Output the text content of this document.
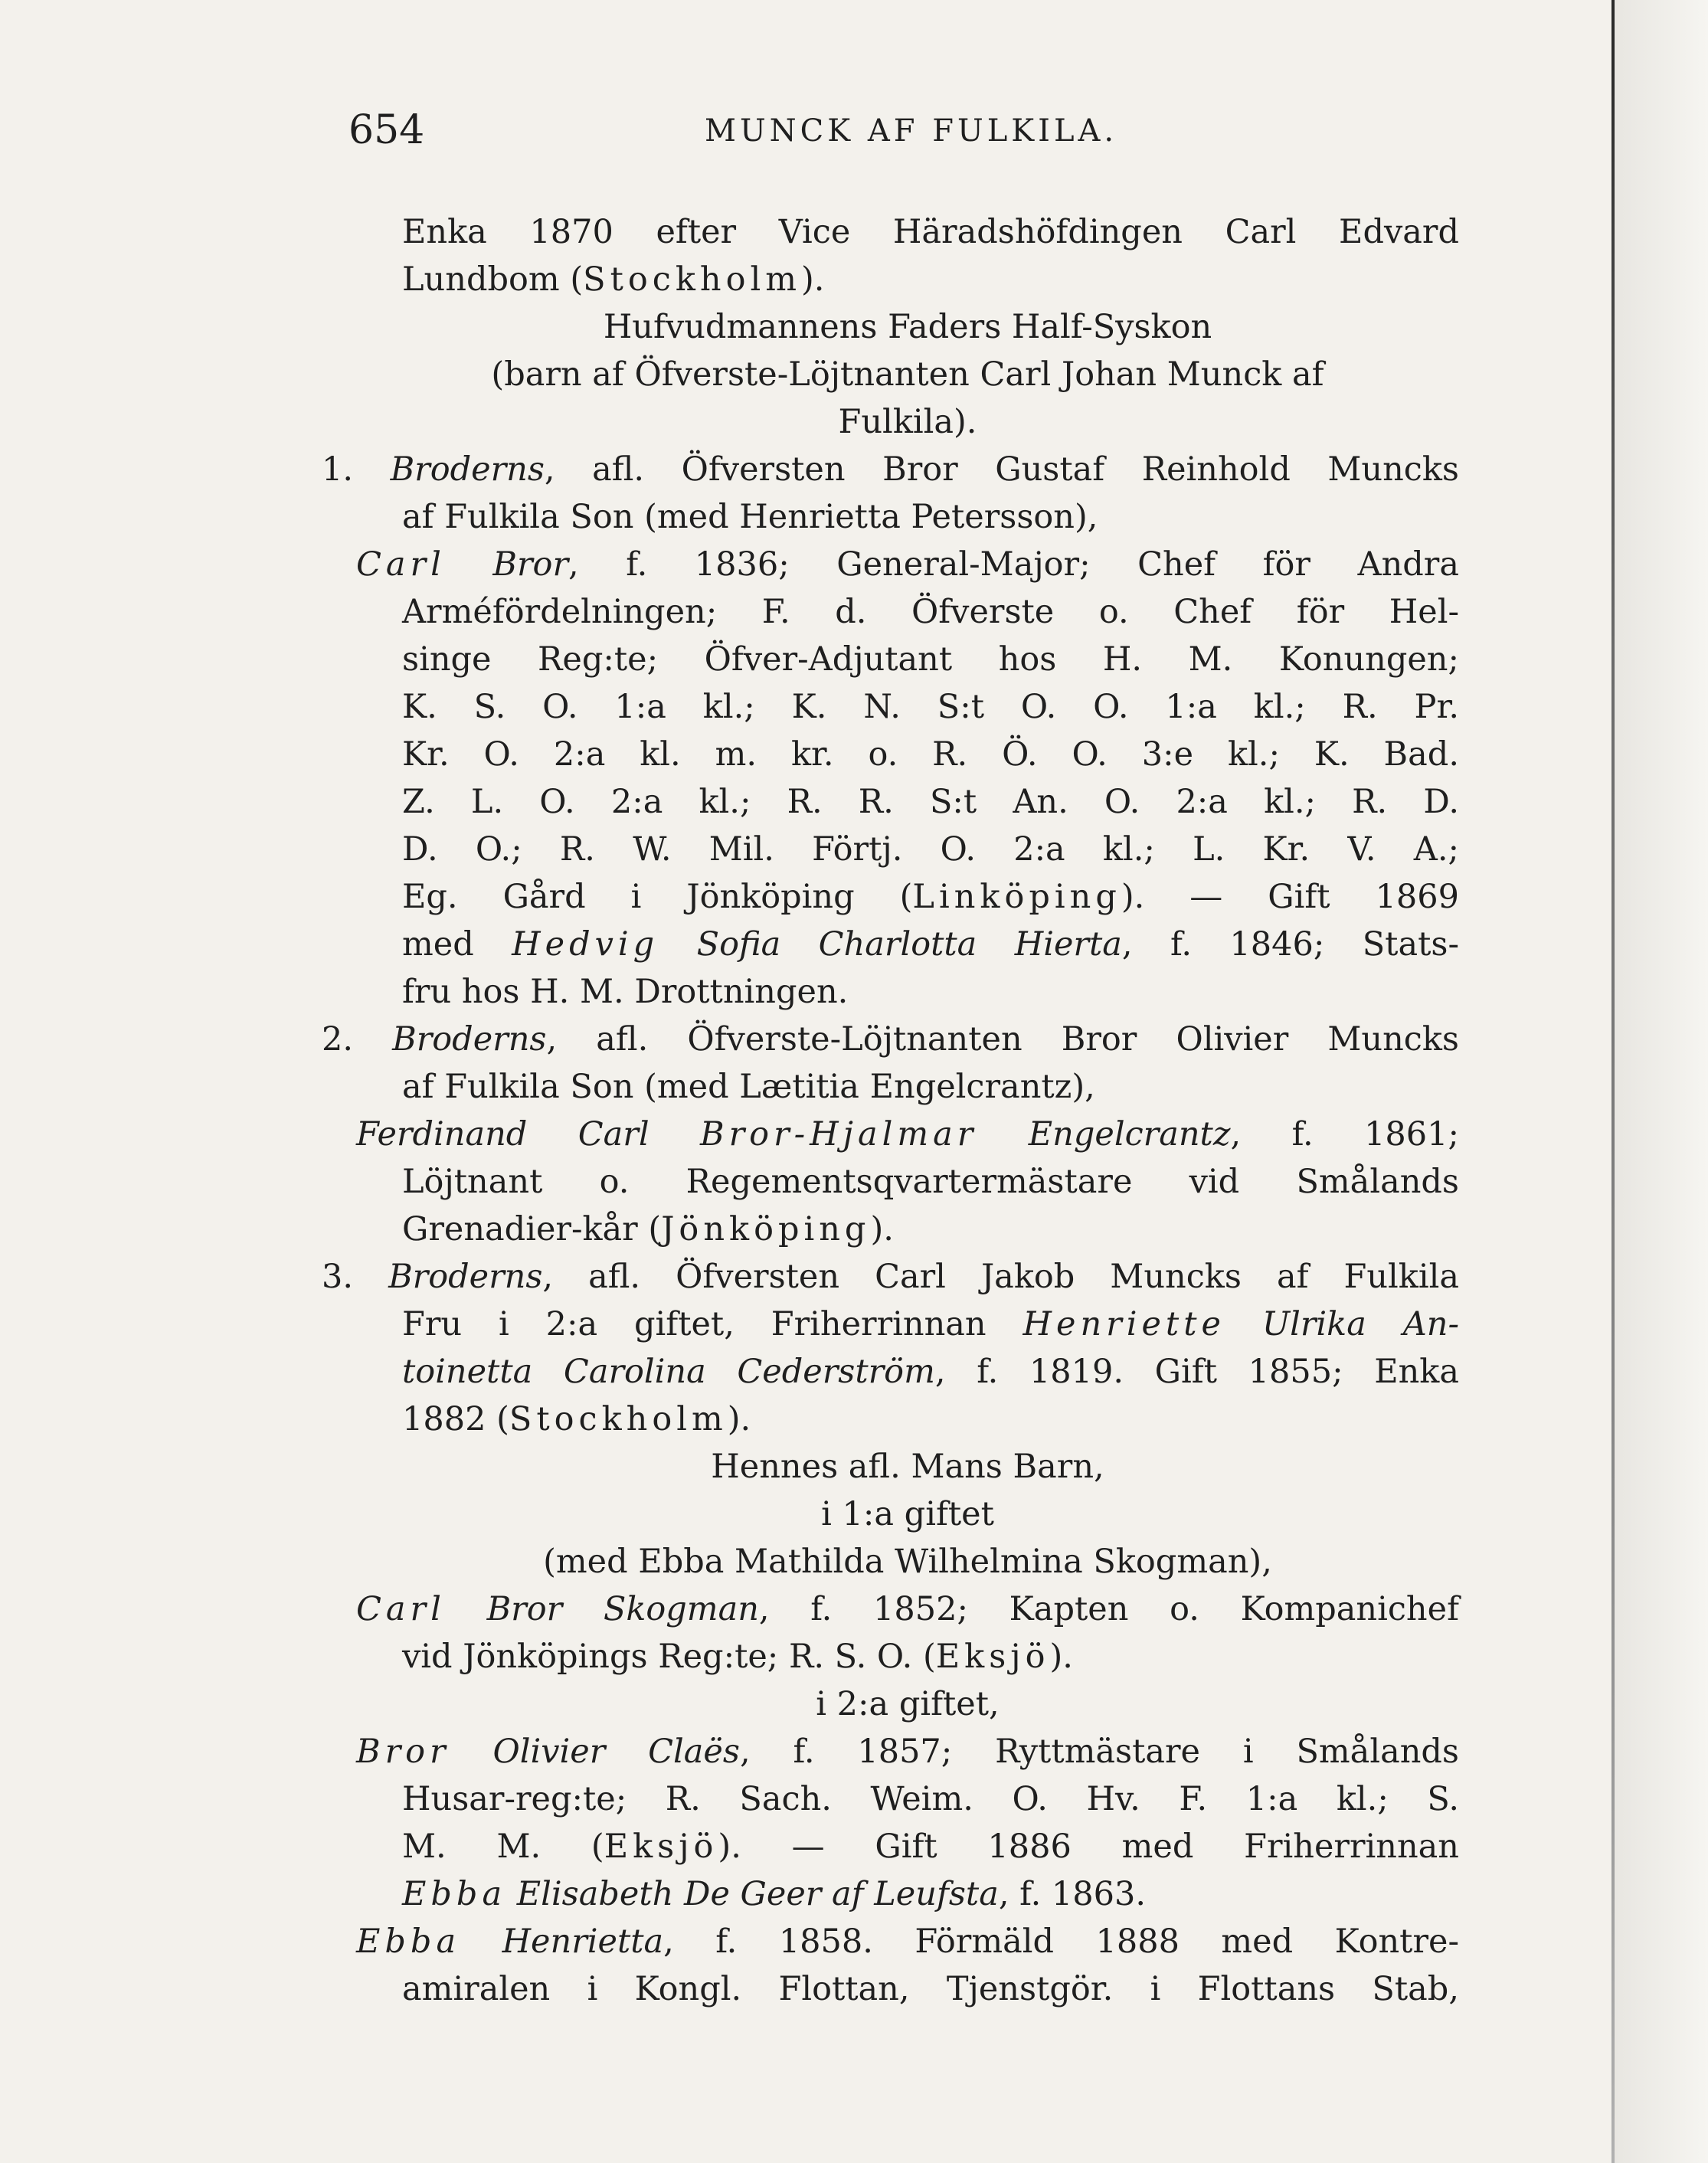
654	MUNCK AF FULKILA.
Enka 1870 efter Vice Häradshöfdingen Carl Edvard
Lundbom (Stockholm).
Hufvudmannens Faders Half-Syskon
(barn af Öfverste-Löjtnanten Carl Johan Munck af
Fulkila).
1. Broderns, afl. Öfversten Bror Gustaf Reinhold Muncks
af Fulkila Son (med Henrietta Petersson),
Carl Bror, f. 1836; General-Major; Chef för Andra
Arméfördelningen; F. d. Öfverste o. Chef för Hel-
singe Reg:te; Öfver-Adjutant hos H. M. Konungen;
K. S. O. 1:a kl.; K. N. S:t O. O. 1:a kl.; R. Pr.
Kr. O. 2:a kl. m. kr. o. R. Ö. O. 3:e kl.; K. Bad.
Z. L. O. 2:a kl.; R. R. S:t An. O. 2:a kl.; R. D.
D. O.; R. W. Mil. Förtj. O. 2:a kl.; L. Kr. V. A.;
Eg. Gård i Jönköping (Linköping). — Gift 1869
med Hedvig Sofia Charlotta Hierta, f. 1846; Stats-
fru hos H. M. Drottningen.
2. Broderns, afl. Öfverste-Löjtnanten Bror Olivier Muncks
af Fulkila Son (med Lætitia Engelcrantz),
Ferdinand Carl Bror-Hjalmar Engelcrantz, f. 1861;
Löjtnant o. Regementsqvartermästare vid Smålands
Grenadier-kår (Jönköping).
3. Broderns, afl. Öfversten Carl Jakob Muncks af Fulkila
Fru i 2:a giftet, Friherrinnan Henriette Ulrika An-
toinetta Carolina Cederström, f. 1819. Gift 1855; Enka
1882 (Stockholm).
Hennes afl. Mans Barn,
i 1:a giftet
(med Ebba Mathilda Wilhelmina Skogman),
Carl Bror Skogman, f. 1852; Kapten o. Kompanichef
vid Jönköpings Reg:te; R. S. O. (Eksjö).
i 2:a giftet,
Bror Olivier Claës, f. 1857; Ryttmästare i Smålands
Husar-reg:te; R. Sach. Weim. O. Hv. F. 1:a kl.; S.
M. M. (Eksjö). — Gift 1886 med Friherrinnan
Ebba Elisabeth De Geer af Leufsta, f. 1863.
Ebba Henrietta, f. 1858. Förmäld 1888 med Kontre-
amiralen i Kongl. Flottan, Tjenstgör. i Flottans Stab,
